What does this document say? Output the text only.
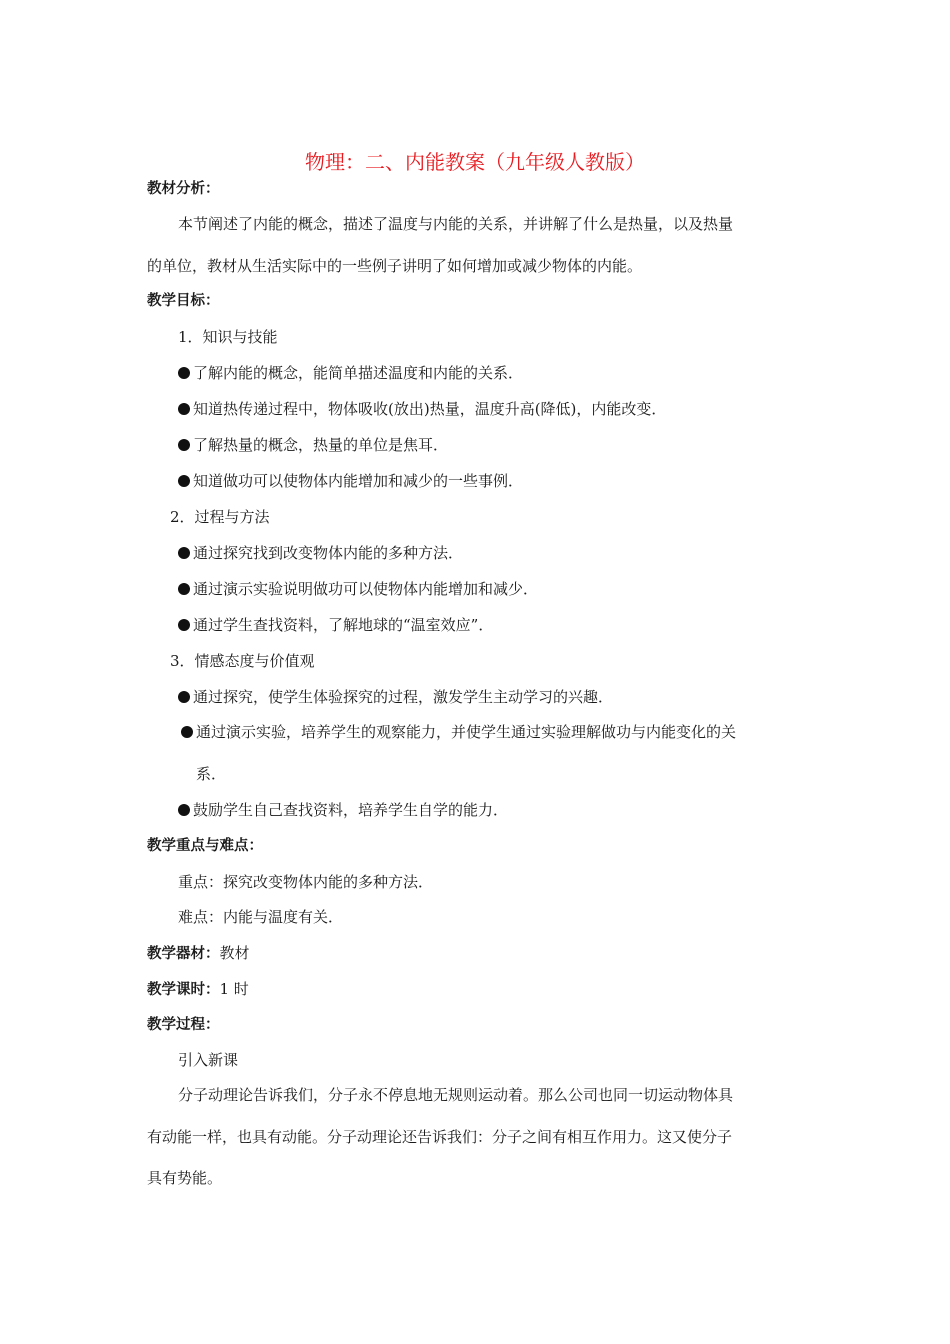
物理：二、内能教案（九年级人教版）
教材分析：
本节阐述了内能的概念，描述了温度与内能的关系，并讲解了什么是热量，以及热量
的单位，教材从生活实际中的一些例子讲明了如何增加或减少物体的内能。
教学目标：
1．知识与技能
了解内能的概念，能简单描述温度和内能的关系．
知道热传递过程中，物体吸收(放出)热量，温度升高(降低)，内能改变．
了解热量的概念，热量的单位是焦耳．
知道做功可以使物体内能增加和减少的一些事例．
2．过程与方法
通过探究找到改变物体内能的多种方法．
通过演示实验说明做功可以使物体内能增加和减少．
通过学生查找资料，了解地球的“温室效应”．
3．情感态度与价值观
通过探究，使学生体验探究的过程，激发学生主动学习的兴趣．
通过演示实验，培养学生的观察能力，并使学生通过实验理解做功与内能变化的关
系．
鼓励学生自己查找资料，培养学生自学的能力．
教学重点与难点：
重点：探究改变物体内能的多种方法．
难点：内能与温度有关．
教学器材：教材
教学课时：1 时
教学过程：
引入新课
分子动理论告诉我们，分子永不停息地无规则运动着。那么公司也同一切运动物体具
有动能一样，也具有动能。分子动理论还告诉我们：分子之间有相互作用力。这又使分子
具有势能。
